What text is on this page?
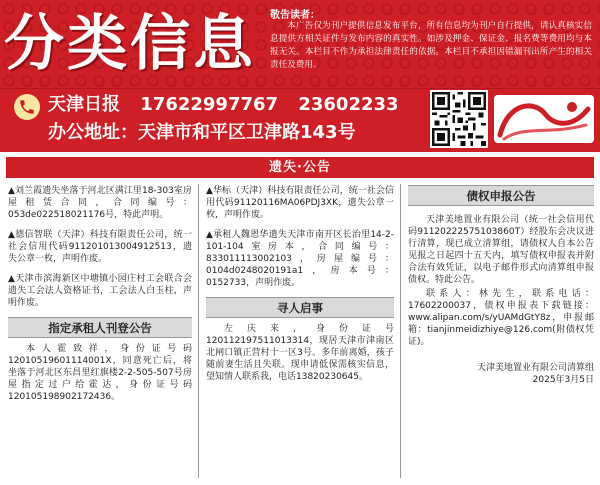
分类信息	敬告读者：
本广告仅为刊户提供信息发布平台，所有信息均为刊户自行提供，请认真核实信息提供方相关证件与发布内容的真实性。如涉及押金、保证金、报名费等费用均与本报无关。本栏目不作为承担法律责任的依据。本栏目不承担因错漏刊出所产生的相关责任及费用。
天津日报 17622997767 23602233
办公地址：天津市和平区卫津路143号
遗失·公告
▲刘兰霞遗失坐落于河北区满江里18-303室房屋租赁合同，合同编号：053de022518021176号，特此声明。
▲德信智联（天津）科技有限责任公司，统一社会信用代码911201013004912513，遗失公章一枚，声明作废。
▲天津市滨海新区中塘镇小园庄村工会联合会遗失工会法人资格证书，工会法人白玉柱，声明作废。
指定承租人刊登公告
本人霍致祥，身份证号码120105196011140​01X，同意死亡后，将坐落于河北区东昌里红旗楼2-2-505-507号房屋指定过户给霍达，身份证号码120105198902172436。
▲华标（天津）科技有限责任公司，统一社会信用代码91120116MA06PDJ3XK，遗失公章一枚，声明作废。
▲承租人魏恩华遗失天津市南开区长治里14-2-101-104室房本，合同编号：833011113002103，房屋编号：0104d0248020191a1，房本号：0152733，声明作废。
寻人启事
左庆来，身份证号120112197511013314，现居天津市津南区北闸口镇正营村十一区3号。多年前离婚，孩子随前妻生活且失联。现申请低保需核实信息，望知情人联系我，电话13820230645。
债权申报公告
天津美地置业有限公司（统一社会信用代码91120222575103860T）经股东会决议进行清算，现已成立清算组，请债权人自本公告见报之日起四十五天内，填写债权申报表并附合法有效凭证，以电子邮件形式向清算组申报债权。特此公告。
联系人：林先生，联系电话：17602200037，债权申报表下载链接：www.alipan.com/s/yUAMdGtY8z，申报邮箱：tianjinmeidizhiye@126.com(附债权凭证)。
天津美地置业有限公司清算组
2025年3月5日
